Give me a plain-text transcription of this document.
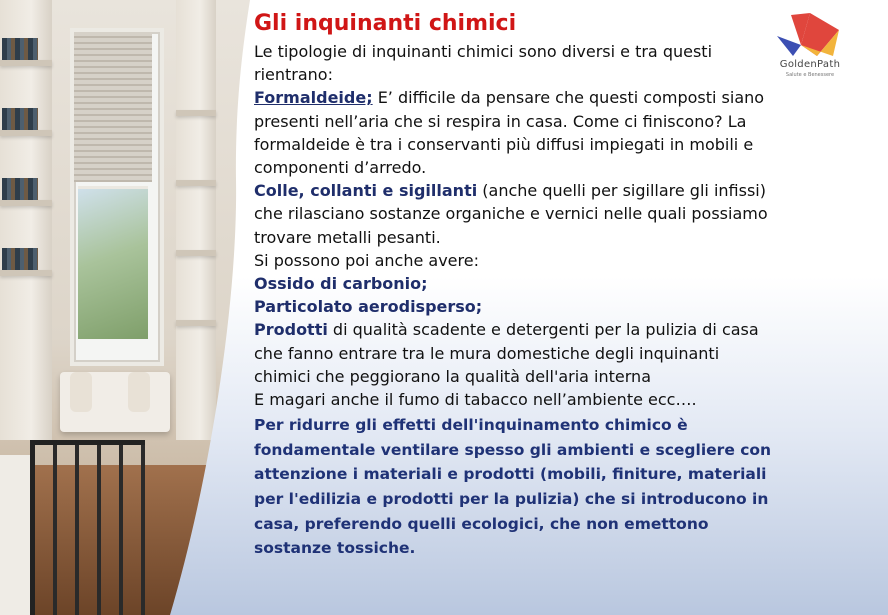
GoldenPath
Salute e Benessere
Gli inquinanti chimici

Le tipologie di inquinanti chimici sono diversi e tra questi rientrano:

Formaldeide; E’ difficile da pensare che questi composti siano presenti nell’aria che si respira in casa. Come ci finiscono? La formaldeide è tra i conservanti più diffusi impiegati in mobili e componenti d’arredo.

Colle, collanti e sigillanti (anche quelli per sigillare gli infissi) che rilasciano sostanze organiche e vernici nelle quali possiamo trovare metalli pesanti.

Si possono poi anche avere:

Ossido di carbonio;

Particolato aerodisperso;

Prodotti di qualità scadente e detergenti per la pulizia di casa che fanno entrare tra le mura domestiche degli inquinanti chimici che peggiorano la qualità dell'aria interna

E magari anche il fumo di tabacco nell’ambiente ecc….

Per ridurre gli effetti dell'inquinamento chimico è fondamentale ventilare spesso gli ambienti e scegliere con attenzione i materiali e prodotti (mobili, finiture, materiali per l'edilizia e prodotti per la pulizia) che si introducono in casa, preferendo quelli ecologici, che non emettono sostanze tossiche.
